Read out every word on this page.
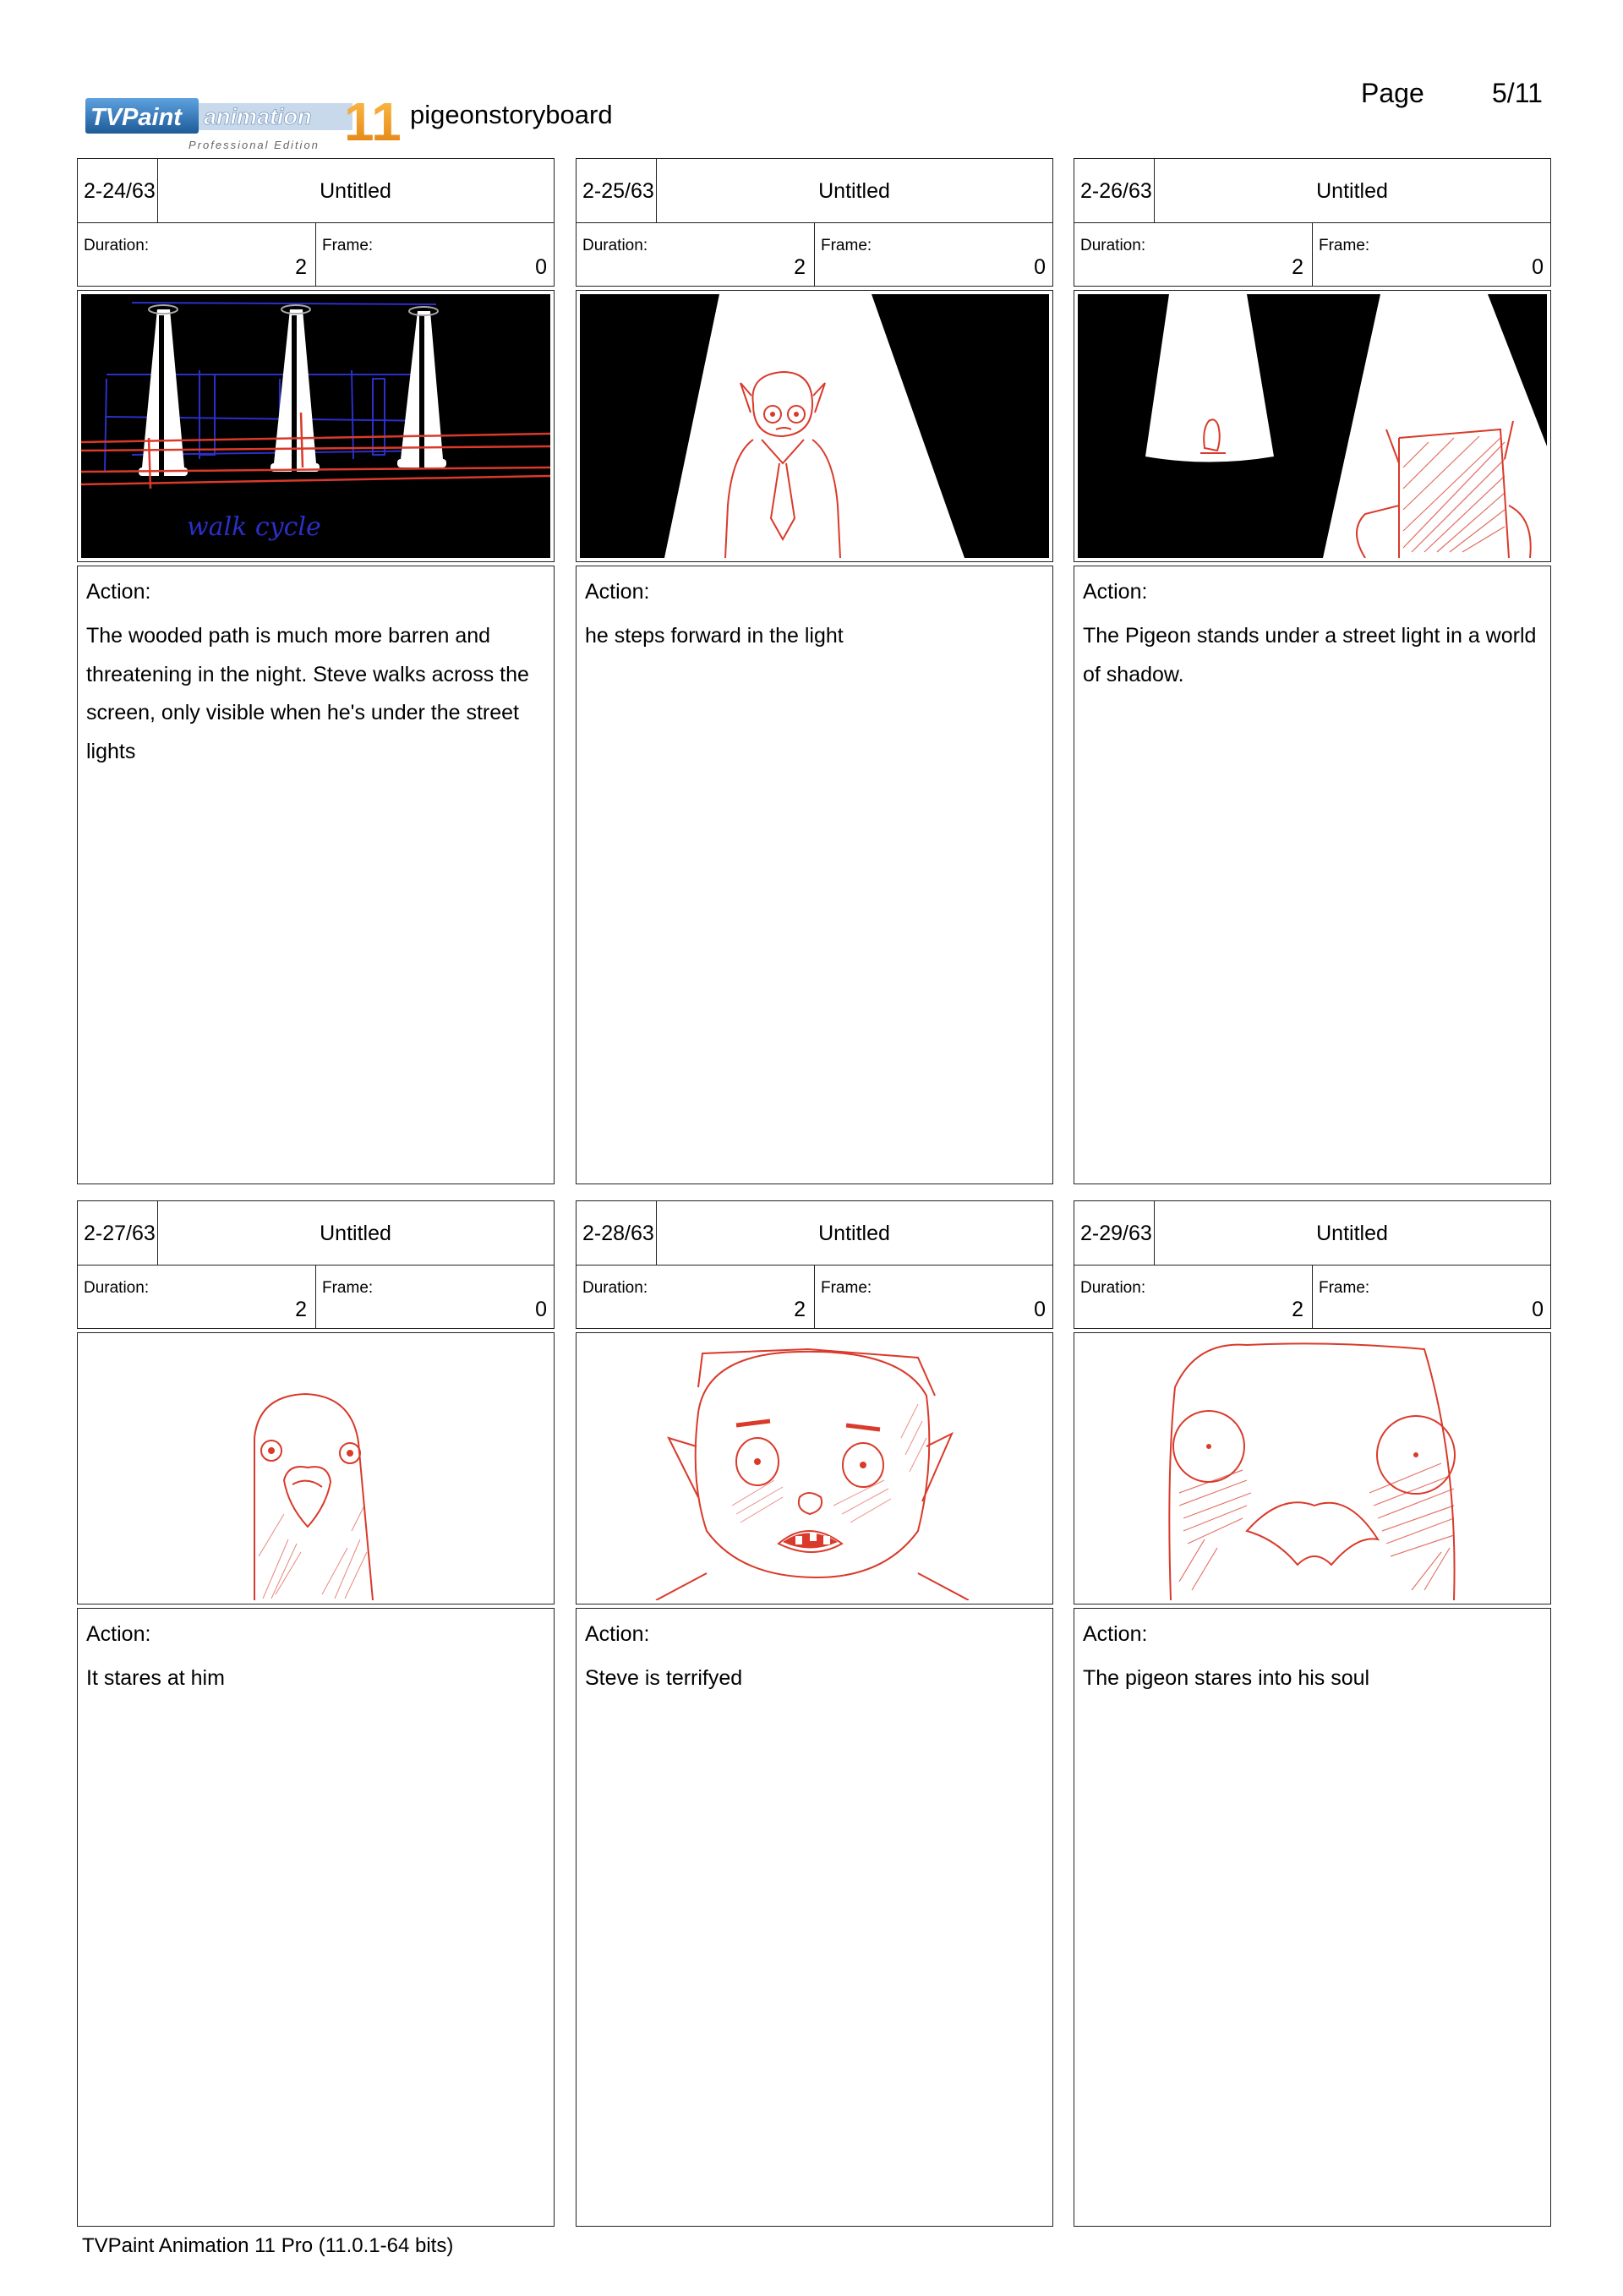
TVPaint animation 11
Professional Edition
pigeonstoryboard
Page	5/11
2-24/63	Untitled
Duration:
2
Frame:
0
walk cycle
Action:
The wooded path is much more barren and threatening in the night. Steve walks across the screen, only visible when he's under the street lights
2-25/63	Untitled
Duration:
2
Frame:
0
Action:
he steps forward in the light
2-26/63	Untitled
Duration:
2
Frame:
0
Action:
The Pigeon stands under a street light in a world of shadow.
2-27/63	Untitled
Duration:
2
Frame:
0
Action:
It stares at him
2-28/63	Untitled
Duration:
2
Frame:
0
Action:
Steve is terrifyed
2-29/63	Untitled
Duration:
2
Frame:
0
Action:
The pigeon stares into his soul
TVPaint Animation 11 Pro (11.0.1-64 bits)
